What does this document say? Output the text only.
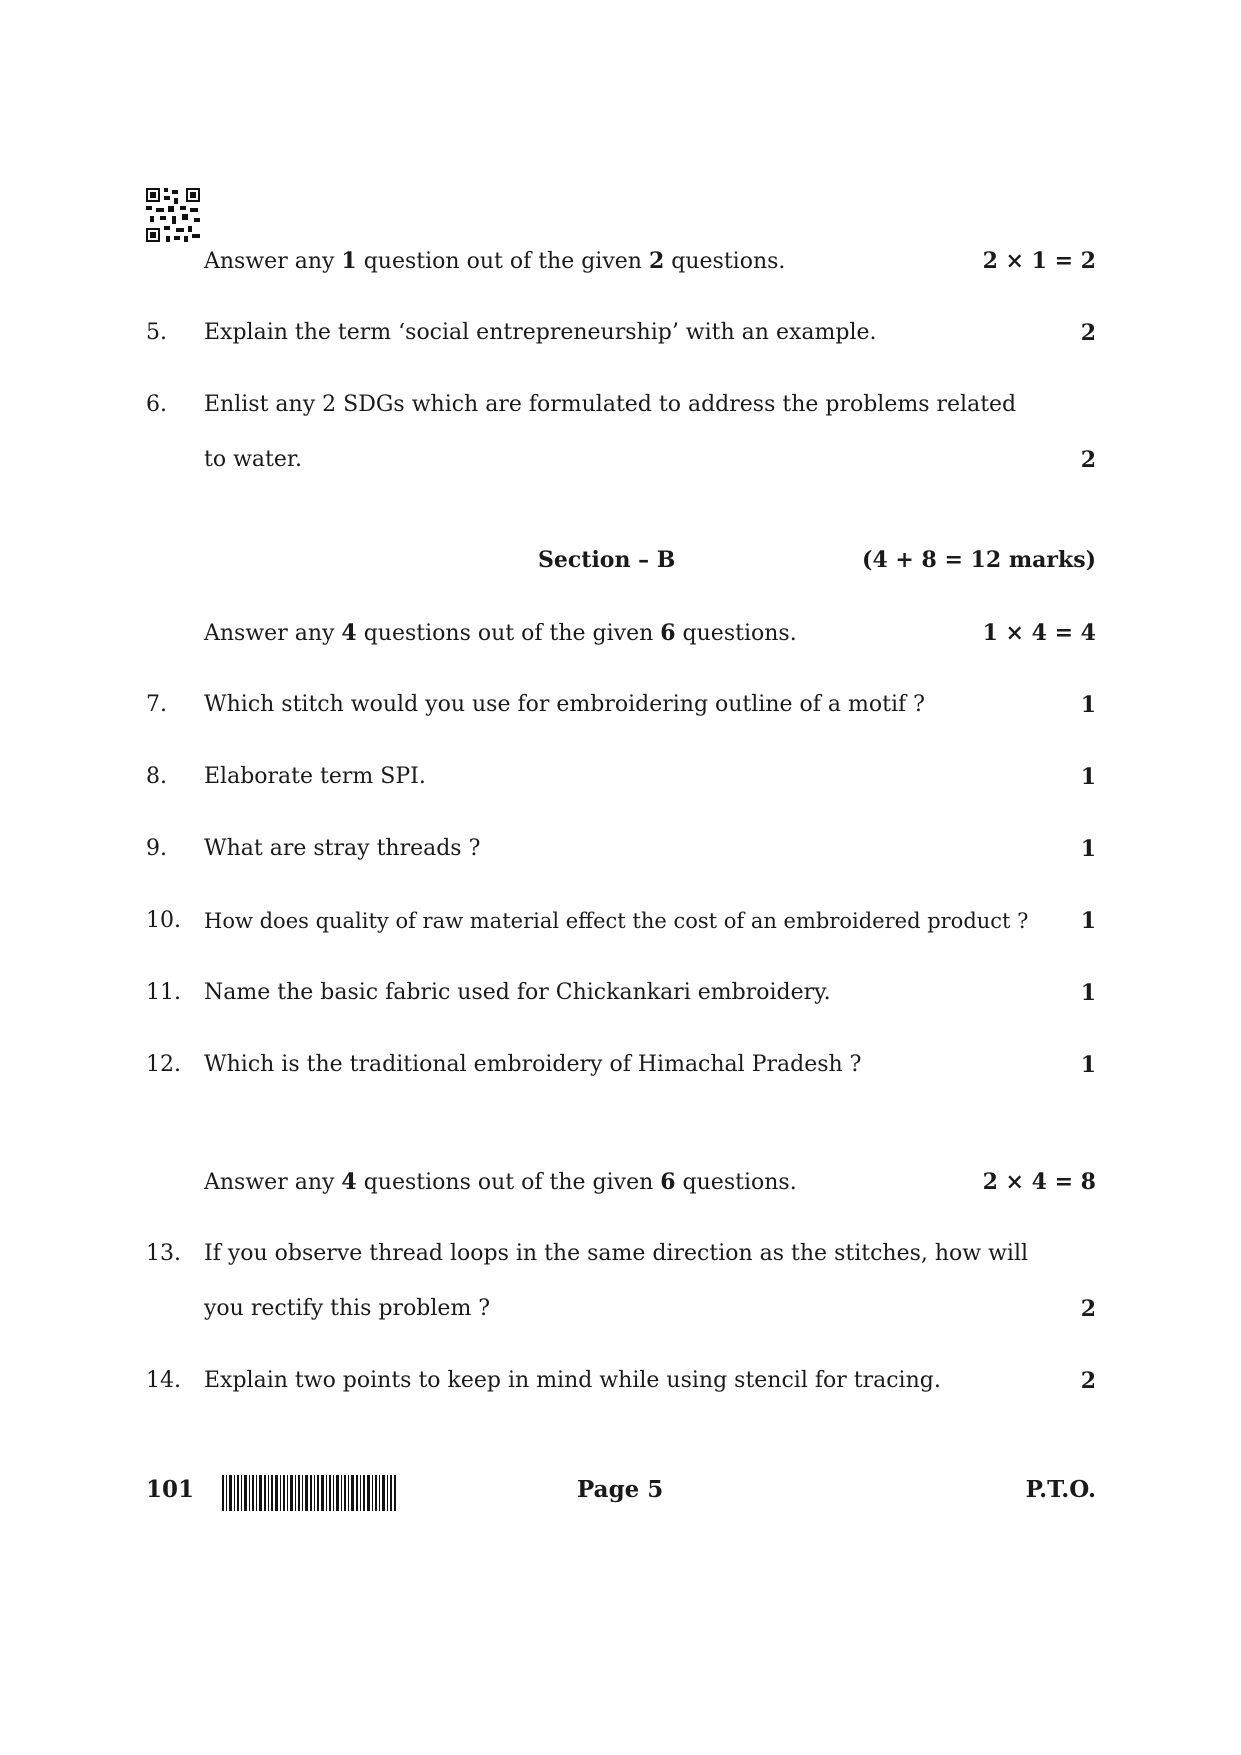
Answer any 1 question out of the given 2 questions.	2 × 1 = 2
5. Explain the term ‘social entrepreneurship’ with an example.	2
6. Enlist any 2 SDGs which are formulated to address the problems related
to water.	2
Section – B	(4 + 8 = 12 marks)
Answer any 4 questions out of the given 6 questions.	1 × 4 = 4
7. Which stitch would you use for embroidering outline of a motif ?	1
8. Elaborate term SPI.	1
9. What are stray threads ?	1
10. How does quality of raw material effect the cost of an embroidered product ? 1
11. Name the basic fabric used for Chickankari embroidery.	1
12. Which is the traditional embroidery of Himachal Pradesh ?	1
Answer any 4 questions out of the given 6 questions.	2 × 4 = 8
13. If you observe thread loops in the same direction as the stitches, how will
you rectify this problem ?	2
14. Explain two points to keep in mind while using stencil for tracing.	2
101	Page 5	P.T.O.
